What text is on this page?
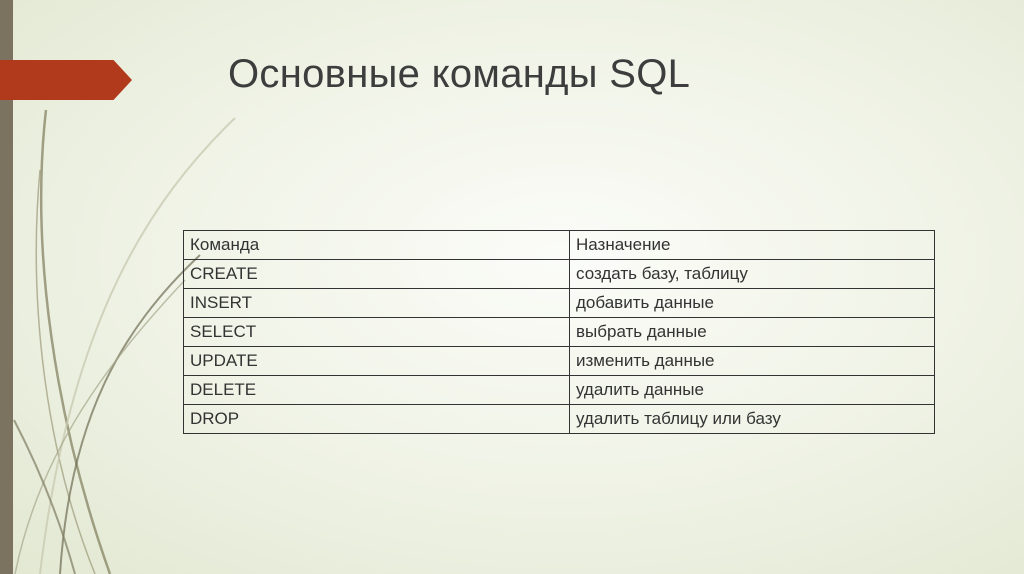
Основные команды SQL
Команда	Назначение
CREATE	создать базу, таблицу
INSERT	добавить данные
SELECT	выбрать данные
UPDATE	изменить данные
DELETE	удалить данные
DROP	удалить таблицу или базу
